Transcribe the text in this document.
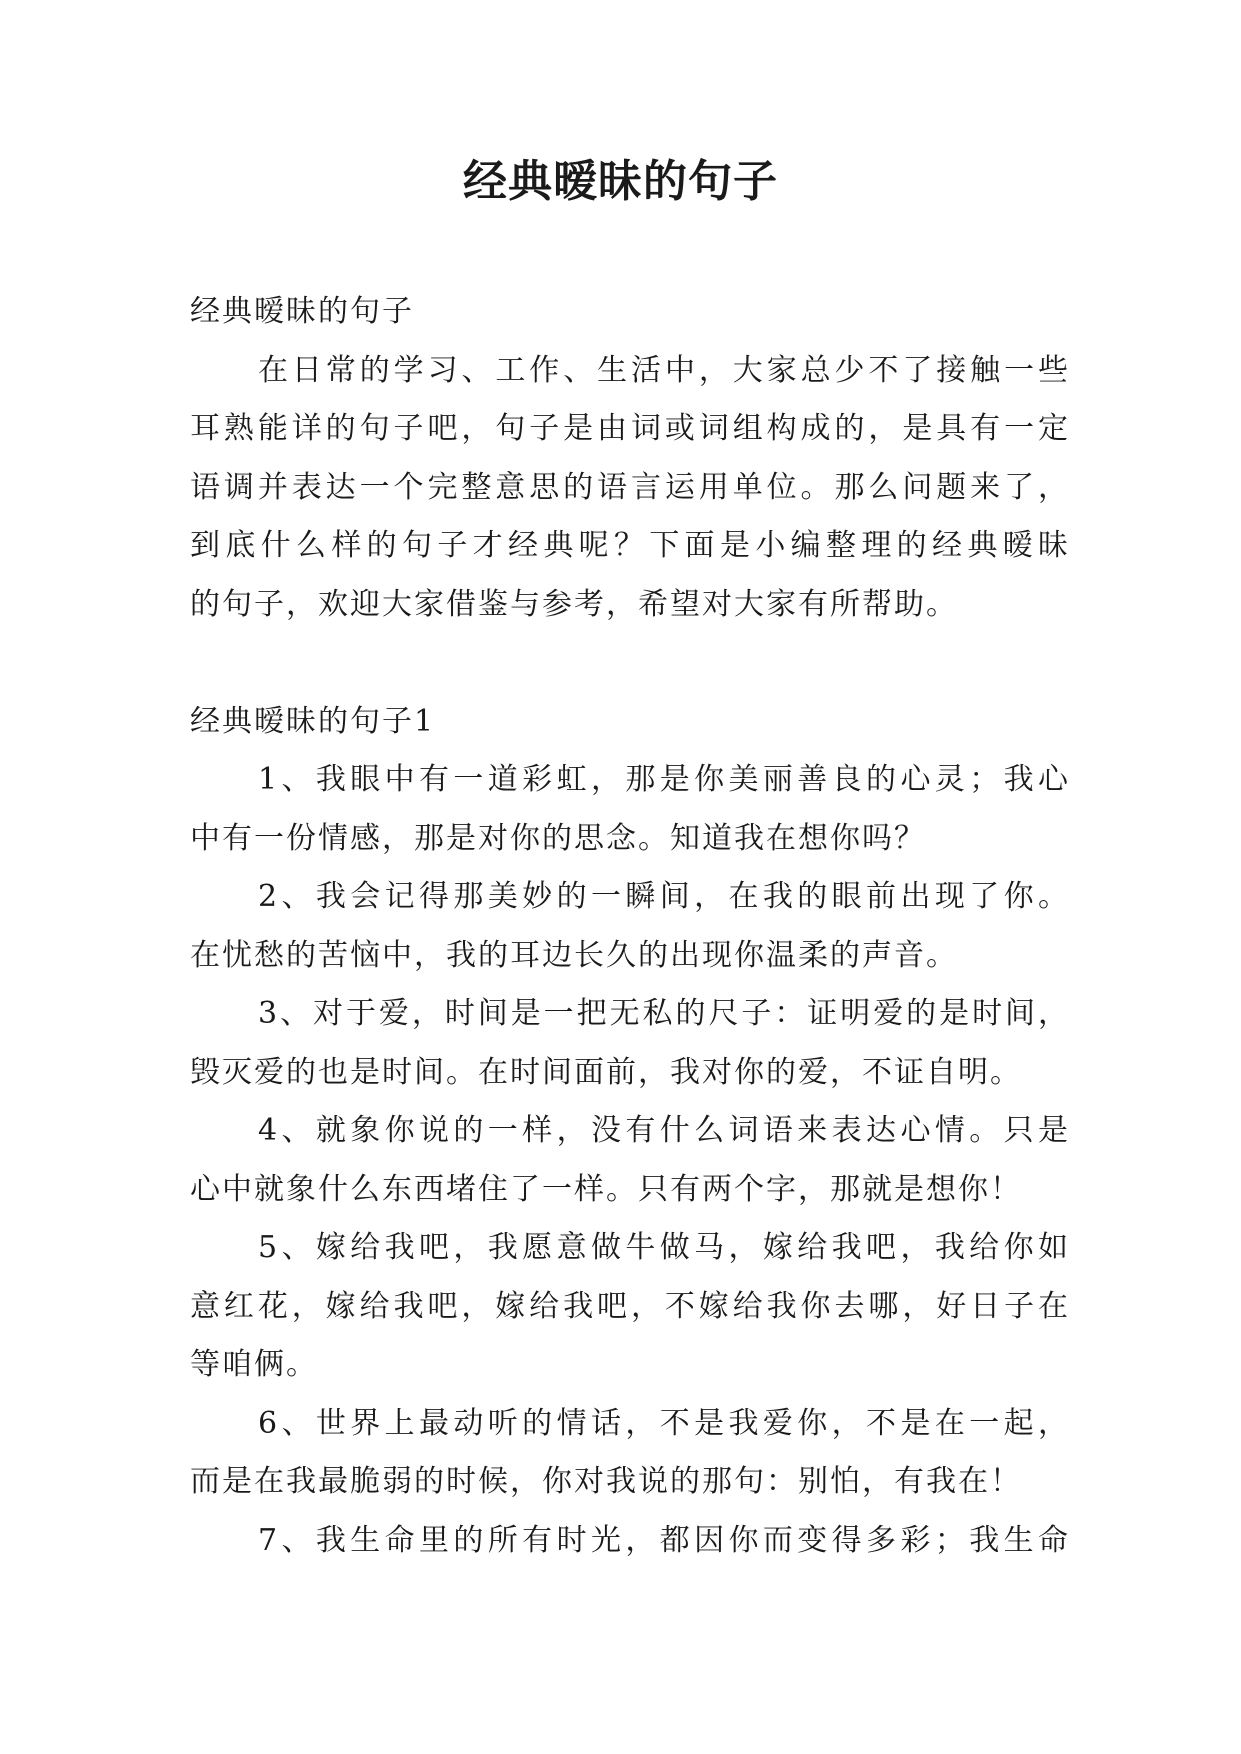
经典暧昧的句子
经典暧昧的句子
在日常的学习、工作、生活中，大家总少不了接触一些
耳熟能详的句子吧，句子是由词或词组构成的，是具有一定
语调并表达一个完整意思的语言运用单位。那么问题来了，
到底什么样的句子才经典呢？下面是小编整理的经典暧昧
的句子，欢迎大家借鉴与参考，希望对大家有所帮助。
经典暧昧的句子1
1、我眼中有一道彩虹，那是你美丽善良的心灵；我心
中有一份情感，那是对你的思念。知道我在想你吗？
2、我会记得那美妙的一瞬间，在我的眼前出现了你。
在忧愁的苦恼中，我的耳边长久的出现你温柔的声音。
3、对于爱，时间是一把无私的尺子：证明爱的是时间，
毁灭爱的也是时间。在时间面前，我对你的爱，不证自明。
4、就象你说的一样，没有什么词语来表达心情。只是
心中就象什么东西堵住了一样。只有两个字，那就是想你！
5、嫁给我吧，我愿意做牛做马，嫁给我吧，我给你如
意红花，嫁给我吧，嫁给我吧，不嫁给我你去哪，好日子在
等咱俩。
6、世界上最动听的情话，不是我爱你，不是在一起，
而是在我最脆弱的时候，你对我说的那句：别怕，有我在！
7、我生命里的所有时光，都因你而变得多彩；我生命
